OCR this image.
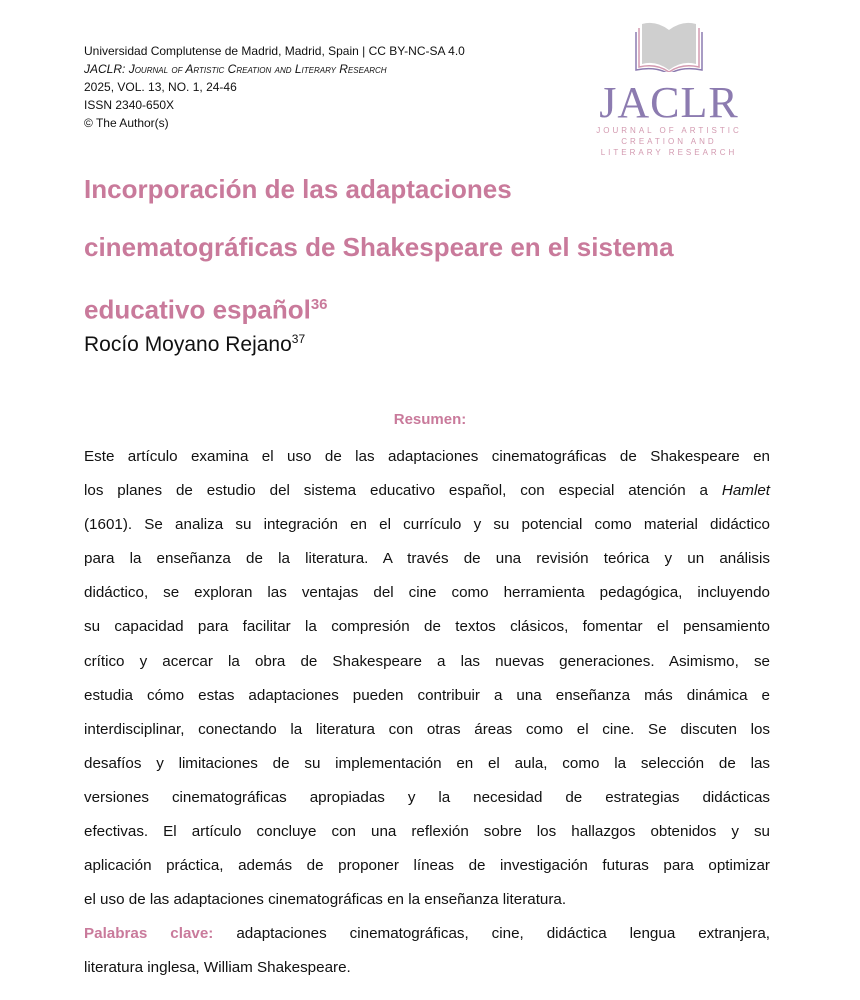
Universidad Complutense de Madrid, Madrid, Spain | CC BY-NC-SA 4.0
JACLR: Journal of Artistic Creation and Literary Research
2025, VOL. 13, NO. 1, 24-46
ISSN 2340-650X
© The Author(s)	JACLR
JOURNAL OF ARTISTIC
CREATION AND
LITERARY RESEARCH
Incorporación de las adaptaciones
cinematográficas de Shakespeare en el sistema
educativo español$^{36}$
Rocío Moyano Rejano$^{37}$
Resumen:
Este artículo examina el uso de las adaptaciones cinematográficas de Shakespeare en
los planes de estudio del sistema educativo español, con especial atención a Hamlet
(1601). Se analiza su integración en el currículo y su potencial como material didáctico
para la enseñanza de la literatura. A través de una revisión teórica y un análisis
didáctico, se exploran las ventajas del cine como herramienta pedagógica, incluyendo
su capacidad para facilitar la compresión de textos clásicos, fomentar el pensamiento
crítico y acercar la obra de Shakespeare a las nuevas generaciones. Asimismo, se
estudia cómo estas adaptaciones pueden contribuir a una enseñanza más dinámica e
interdisciplinar, conectando la literatura con otras áreas como el cine. Se discuten los
desafíos y limitaciones de su implementación en el aula, como la selección de las
versiones cinematográficas apropiadas y la necesidad de estrategias didácticas
efectivas. El artículo concluye con una reflexión sobre los hallazgos obtenidos y su
aplicación práctica, además de proponer líneas de investigación futuras para optimizar
el uso de las adaptaciones cinematográficas en la enseñanza literatura.
Palabras clave: adaptaciones cinematográficas, cine, didáctica lengua extranjera,
literatura inglesa, William Shakespeare.
